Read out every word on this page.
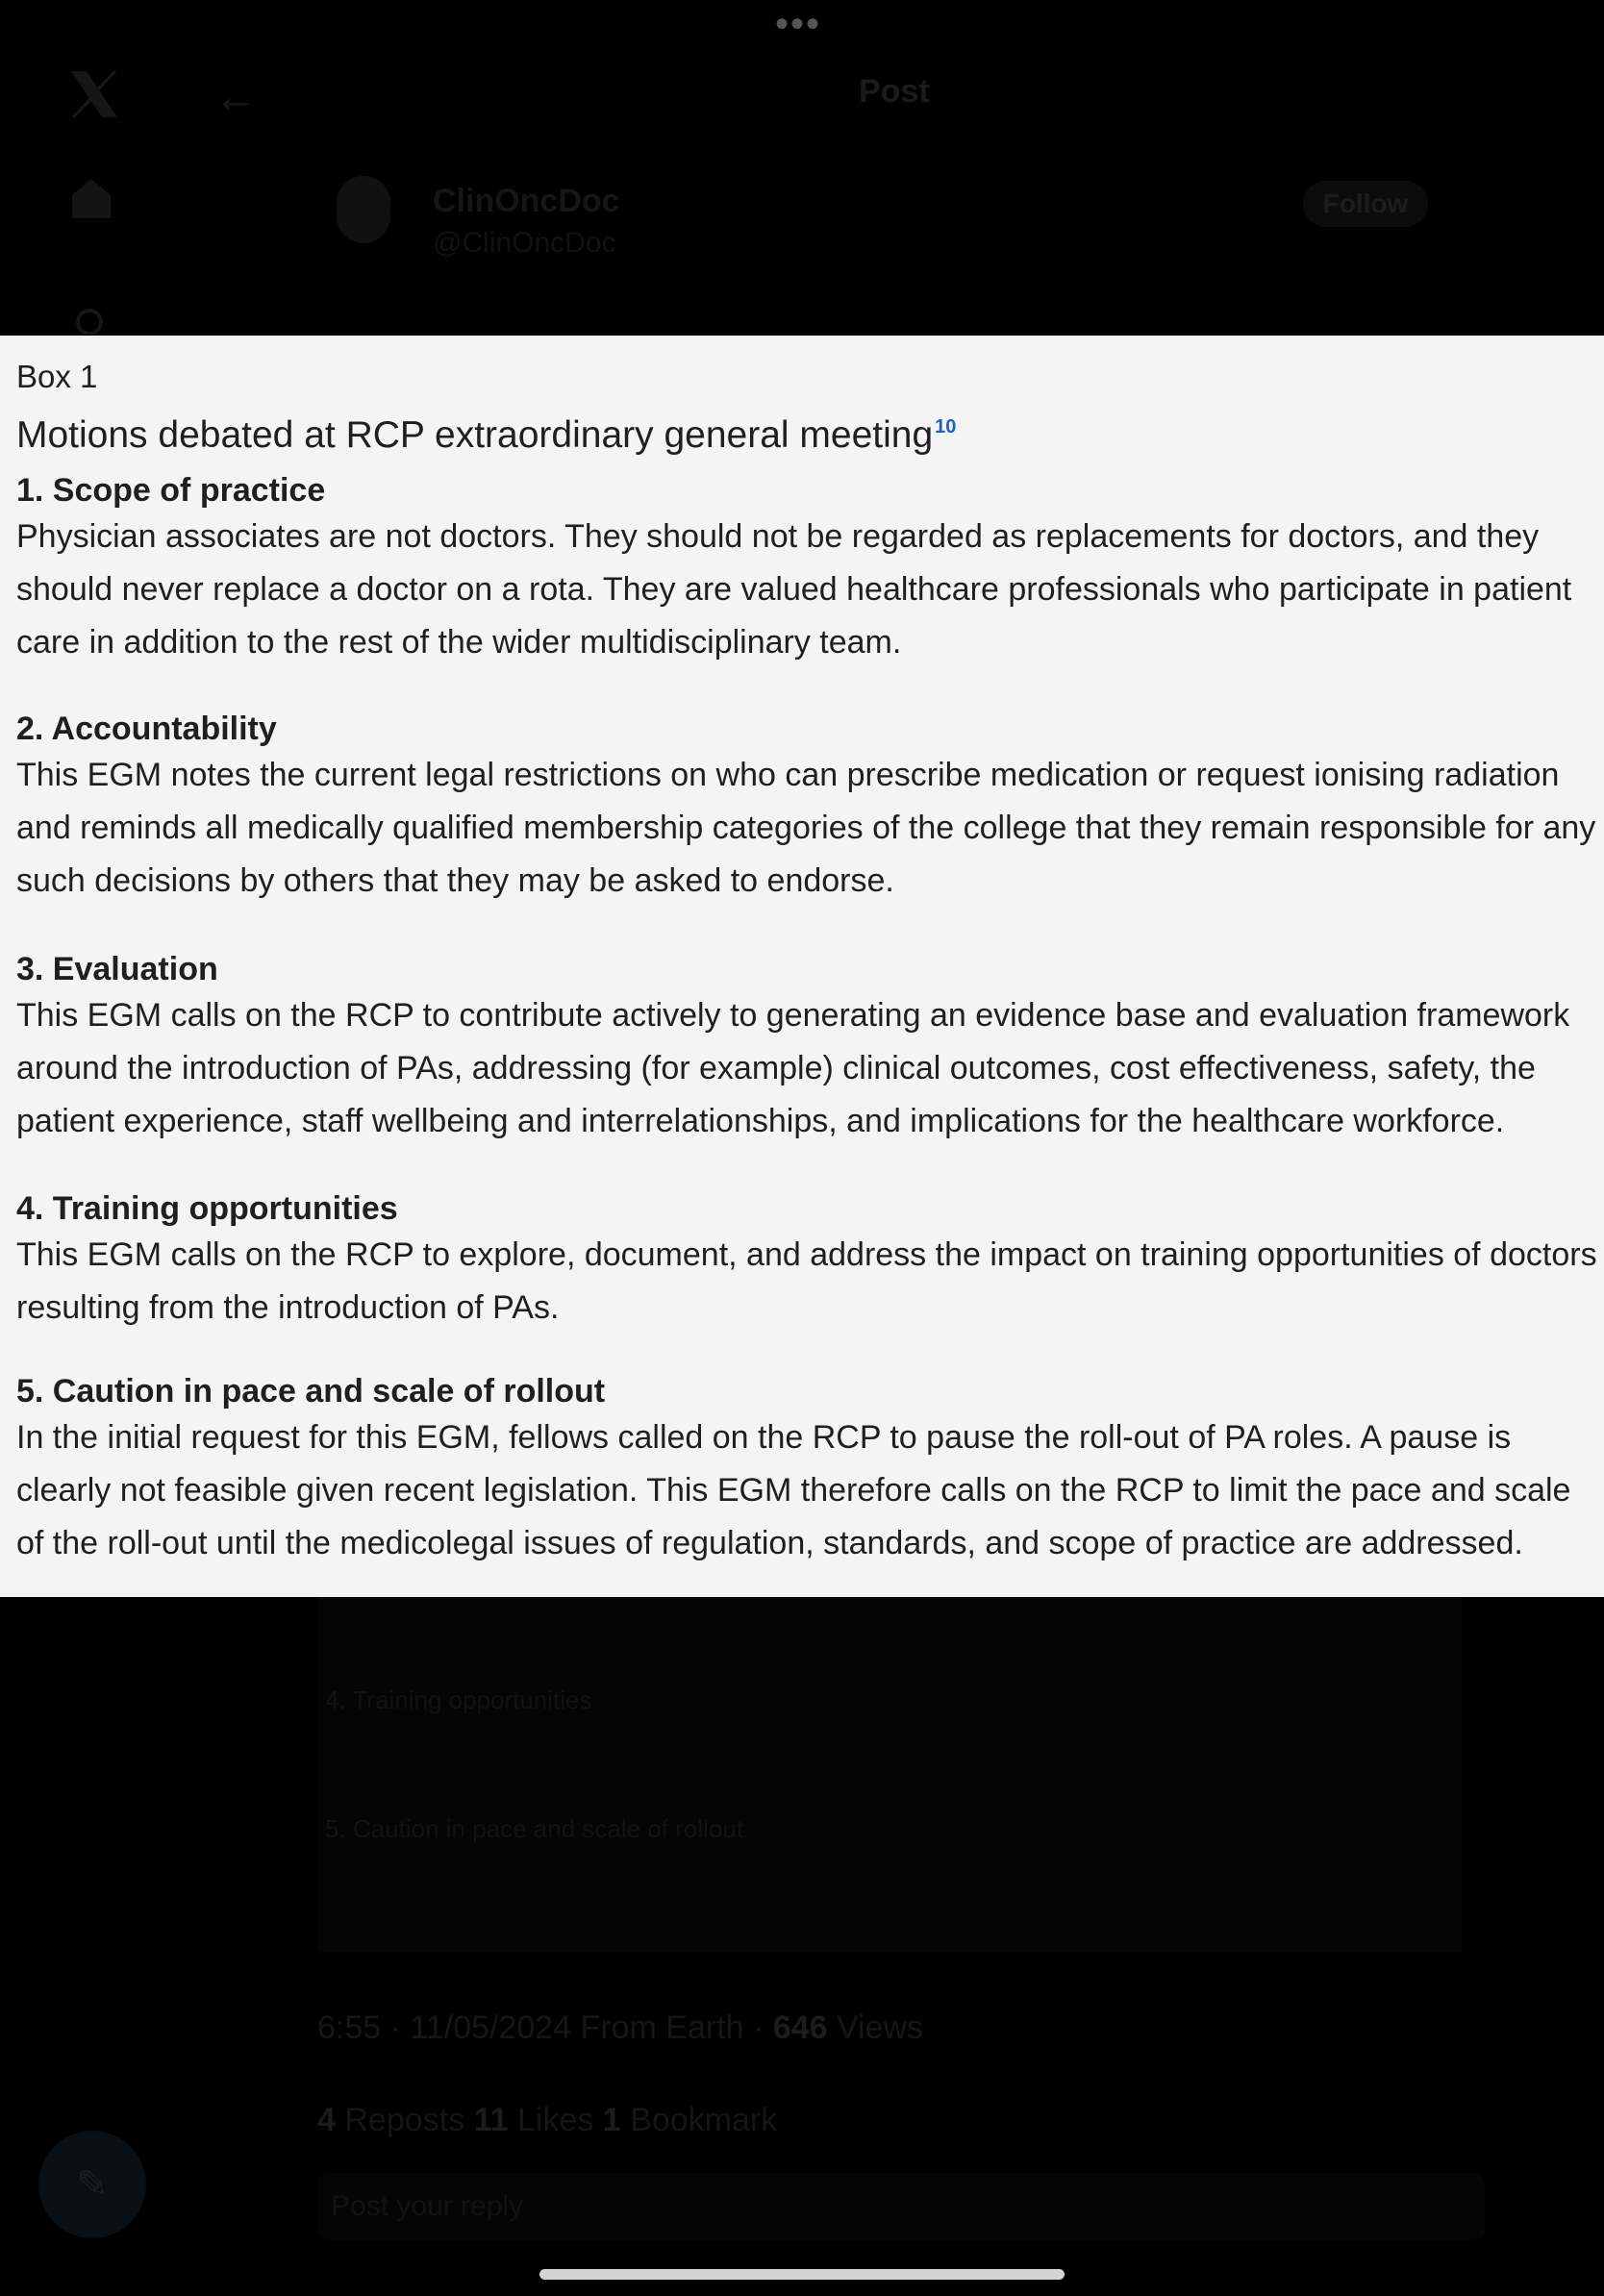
•••
←	Post
ClinOncDoc
@ClinOncDoc
Follow
Box 1
Motions debated at RCP extraordinary general meeting $^{10}$
1. Scope of practice
Physician associates are not doctors. They should not be regarded as replacements for doctors, and they should never replace a doctor on a rota. They are valued healthcare professionals who participate in patient care in addition to the rest of the wider multidisciplinary team.
2. Accountability
This EGM notes the current legal restrictions on who can prescribe medication or request ionising radiation and reminds all medically qualified membership categories of the college that they remain responsible for any such decisions by others that they may be asked to endorse.
3. Evaluation
This EGM calls on the RCP to contribute actively to generating an evidence base and evaluation framework around the introduction of PAs, addressing (for example) clinical outcomes, cost effectiveness, safety, the patient experience, staff wellbeing and interrelationships, and implications for the healthcare workforce.
4. Training opportunities
This EGM calls on the RCP to explore, document, and address the impact on training opportunities of doctors resulting from the introduction of PAs.
5. Caution in pace and scale of rollout
In the initial request for this EGM, fellows called on the RCP to pause the roll-out of PA roles. A pause is clearly not feasible given recent legislation. This EGM therefore calls on the RCP to limit the pace and scale of the roll-out until the medicolegal issues of regulation, standards, and scope of practice are addressed.
4. Training opportunities
5. Caution in pace and scale of rollout
6:55 · 11/05/2024 From Earth · 646 Views
4 Reposts 11 Likes 1 Bookmark
Post your reply
✎
